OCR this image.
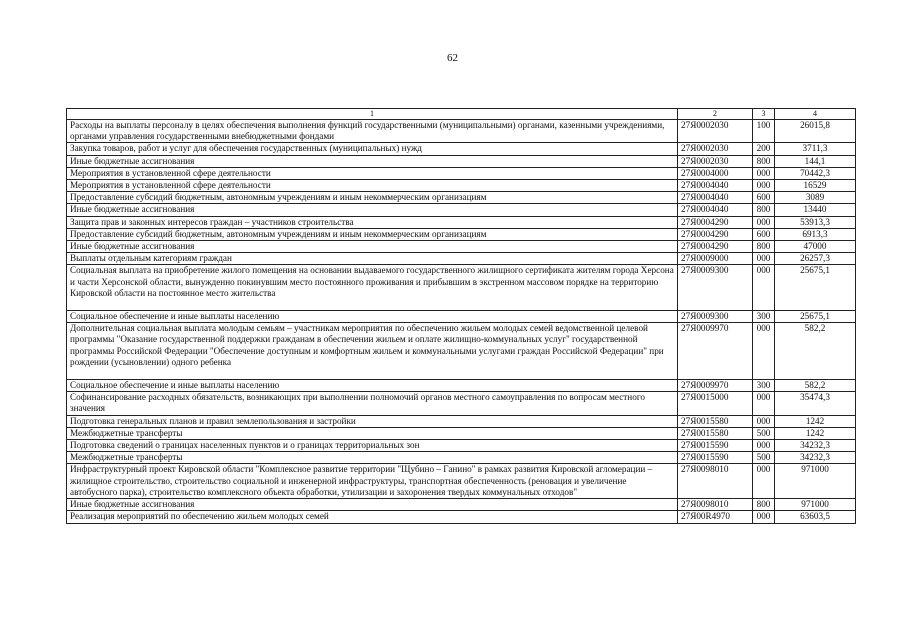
62
1	2	3	4
Расходы на выплаты персоналу в целях обеспечения выполнения функций государственными (муниципальными) органами, казенными учреждениями, органами управления государственными внебюджетными фондами	27Я0002030	100	26015,8
Закупка товаров, работ и услуг для обеспечения государственных (муниципальных) нужд	27Я0002030	200	3711,3
Иные бюджетные ассигнования	27Я0002030	800	144,1
Мероприятия в установленной сфере деятельности	27Я0004000	000	70442,3
Мероприятия в установленной сфере деятельности	27Я0004040	000	16529
Предоставление субсидий бюджетным, автономным учреждениям и иным некоммерческим организациям	27Я0004040	600	3089
Иные бюджетные ассигнования	27Я0004040	800	13440
Защита прав и законных интересов граждан – участников строительства	27Я0004290	000	53913,3
Предоставление субсидий бюджетным, автономным учреждениям и иным некоммерческим организациям	27Я0004290	600	6913,3
Иные бюджетные ассигнования	27Я0004290	800	47000
Выплаты отдельным категориям граждан	27Я0009000	000	26257,3
Социальная выплата на приобретение жилого помещения на основании выдаваемого государственного жилищного сертификата жителям города Херсона и части Херсонской области, вынужденно покинувшим место постоянного проживания и прибывшим в экстренном массовом порядке на территорию Кировской области на постоянное место жительства	27Я0009300	000	25675,1
Социальное обеспечение и иные выплаты населению	27Я0009300	300	25675,1
Дополнительная социальная выплата молодым семьям – участникам мероприятия по обеспечению жильем молодых семей ведомственной целевой программы "Оказание государственной поддержки гражданам в обеспечении жильем и оплате жилищно-коммунальных услуг" государственной программы Российской Федерации "Обеспечение доступным и комфортным жильем и коммунальными услугами граждан Российской Федерации" при рождении (усыновлении) одного ребенка	27Я0009970	000	582,2
Социальное обеспечение и иные выплаты населению	27Я0009970	300	582,2
Софинансирование расходных обязательств, возникающих при выполнении полномочий органов местного самоуправления по вопросам местного значения	27Я0015000	000	35474,3
Подготовка генеральных планов и правил землепользования и застройки	27Я0015580	000	1242
Межбюджетные трансферты	27Я0015580	500	1242
Подготовка сведений о границах населенных пунктов и о границах территориальных зон	27Я0015590	000	34232,3
Межбюджетные трансферты	27Я0015590	500	34232,3
Инфраструктурный проект Кировской области "Комплексное развитие территории "Щубино – Ганино" в рамках развития Кировской агломерации – жилищное строительство, строительство социальной и инженерной инфраструктуры, транспортная обеспеченность (реновация и увеличение автобусного парка), строительство комплексного объекта обработки, утилизации и захоронения твердых коммунальных отходов"	27Я0098010	000	971000
Иные бюджетные ассигнования	27Я0098010	800	971000
Реализация мероприятий по обеспечению жильем молодых семей	27Я00R4970	000	63603,5
